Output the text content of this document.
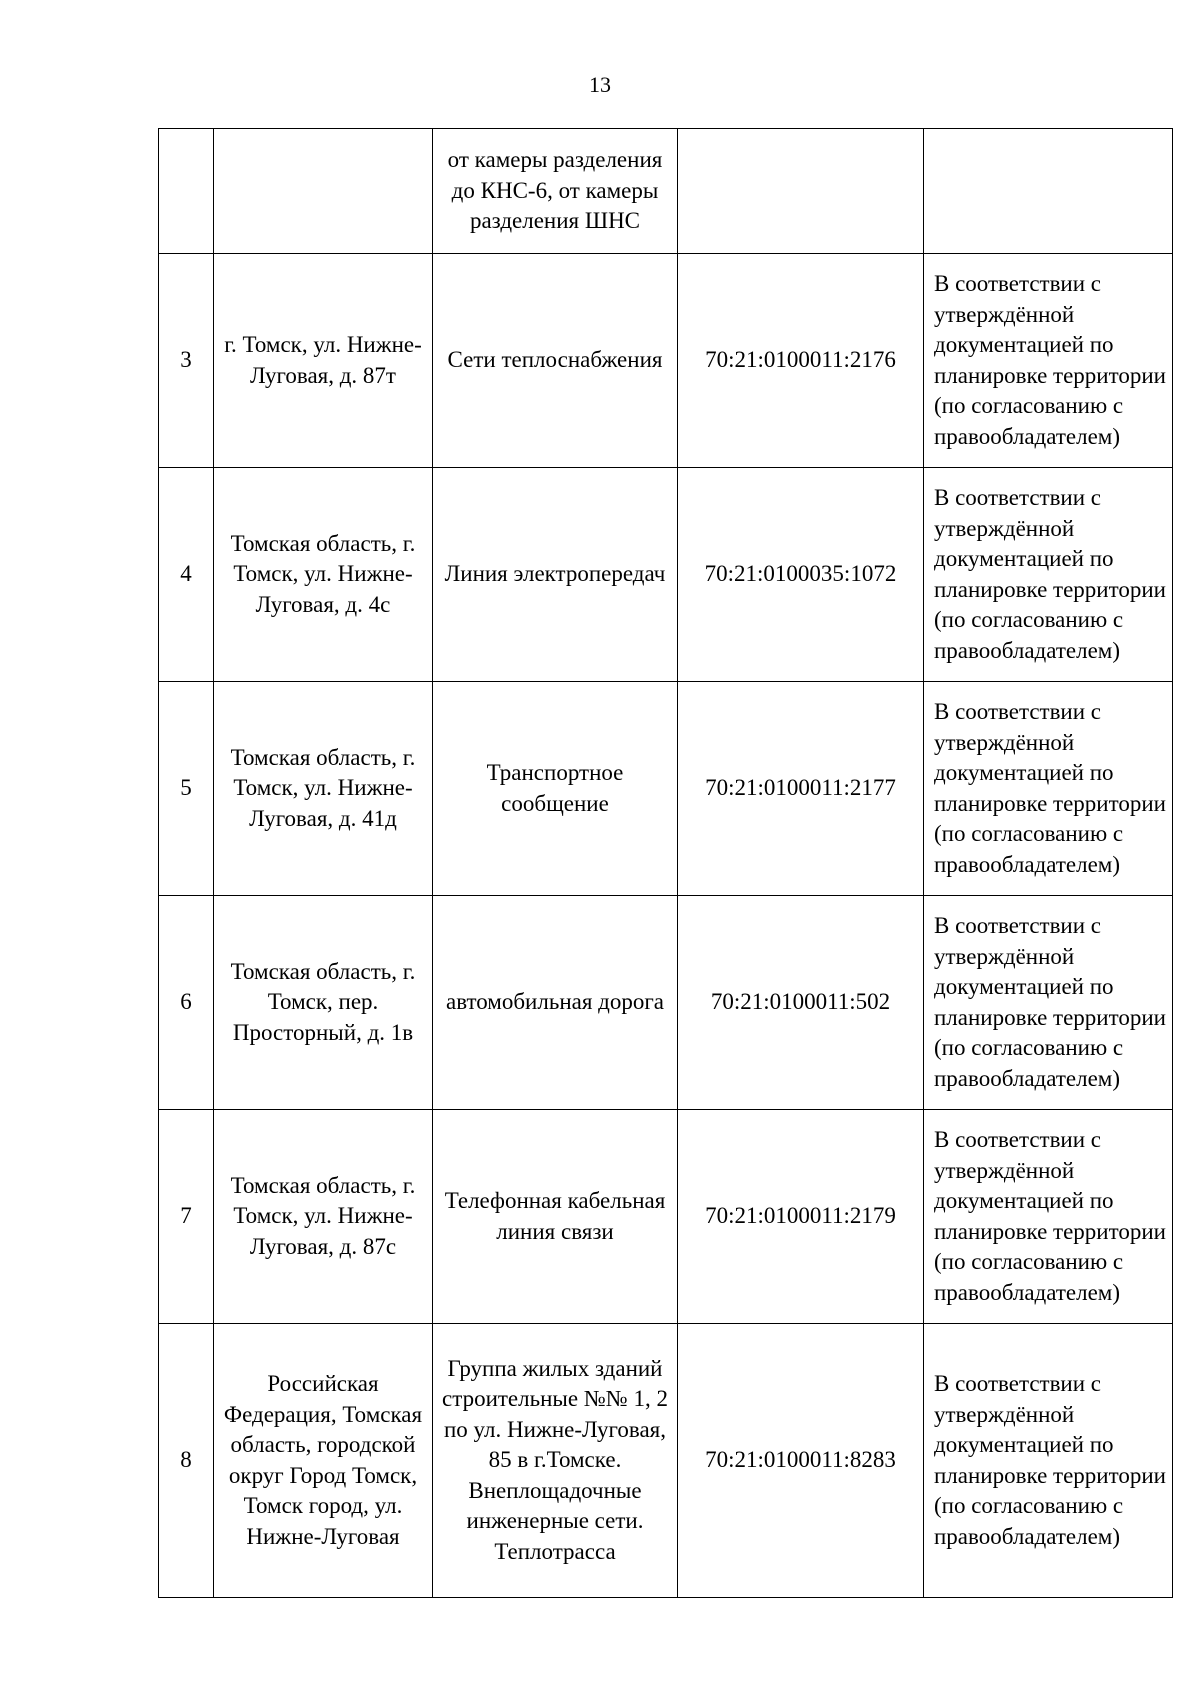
13
		от камеры разделения до КНС-6, от камеры разделения ШНС		
3	г. Томск, ул. Нижне-Луговая, д. 87т	Сети теплоснабжения	70:21:0100011:2176	В соответствии с утверждённой документацией по планировке территории (по согласованию с правообладателем)
4	Томская область, г. Томск, ул. Нижне-Луговая, д. 4с	Линия электропередач	70:21:0100035:1072	В соответствии с утверждённой документацией по планировке территории (по согласованию с правообладателем)
5	Томская область, г. Томск, ул. Нижне-Луговая, д. 41д	Транспортное сообщение	70:21:0100011:2177	В соответствии с утверждённой документацией по планировке территории (по согласованию с правообладателем)
6	Томская область, г. Томск, пер. Просторный, д. 1в	автомобильная дорога	70:21:0100011:502	В соответствии с утверждённой документацией по планировке территории (по согласованию с правообладателем)
7	Томская область, г. Томск, ул. Нижне-Луговая, д. 87с	Телефонная кабельная линия связи	70:21:0100011:2179	В соответствии с утверждённой документацией по планировке территории (по согласованию с правообладателем)
8	Российская Федерация, Томская область, городской округ Город Томск, Томск город, ул. Нижне-Луговая	Группа жилых зданий строительные №№ 1, 2 по ул. Нижне-Луговая, 85 в г.Томске. Внеплощадочные инженерные сети. Теплотрасса	70:21:0100011:8283	В соответствии с утверждённой документацией по планировке территории (по согласованию с правообладателем)
